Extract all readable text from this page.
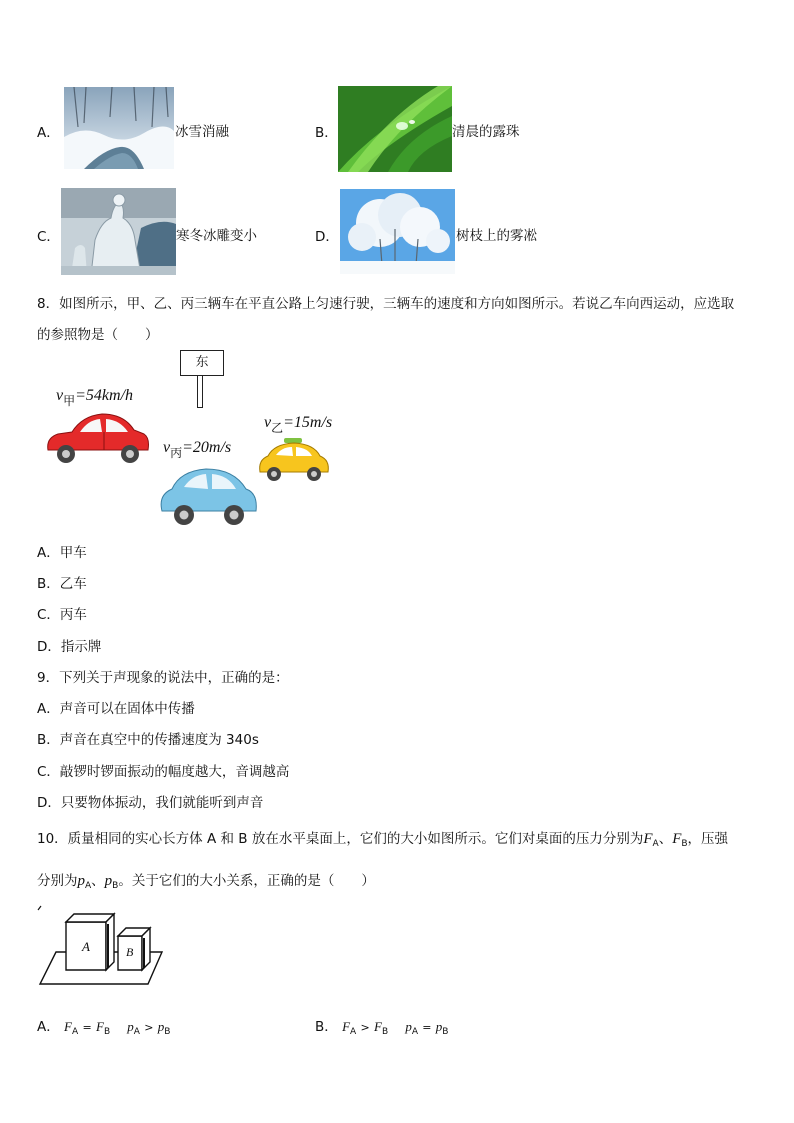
A．	冰雪消融	B．	清晨的露珠
C．	寒冬冰雕变小	D．	树枝上的雾凇
8．如图所示，甲、乙、丙三辆车在平直公路上匀速行驶，三辆车的速度和方向如图所示。若说乙车向西运动，应选取
的参照物是（　　）
东
$v_甲=54km/h$
$v_丙=20m/s$
$v_乙=15m/s$
A．甲车
B．乙车
C．丙车
D．指示牌
9．下列关于声现象的说法中，正确的是：
A．声音可以在固体中传播
B．声音在真空中的传播速度为 340s
C．敲锣时锣面振动的幅度越大，音调越高
D．只要物体振动，我们就能听到声音
10．质量相同的实心长方体 A 和 B 放在水平桌面上，它们的大小如图所示。它们对桌面的压力分别为$F_A$、$F_B$，压强
分别为$p_A$、$p_B$。关于它们的大小关系，正确的是（　　）
A	B
A． $F_A = F_B$ $p_A > p_B$	B． $F_A > F_B$ $p_A = p_B$
